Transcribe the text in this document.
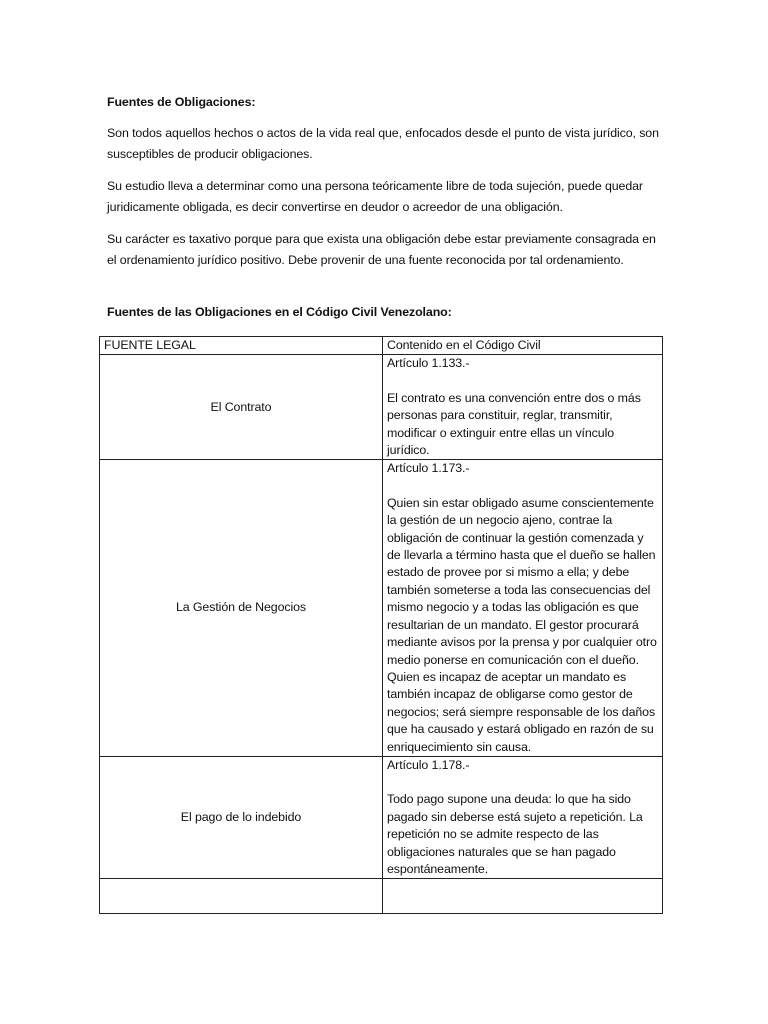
Fuentes de Obligaciones:
Son todos aquellos hechos o actos de la vida real que, enfocados desde el punto de vista jurídico, son susceptibles de producir obligaciones.
Su estudio lleva a determinar como una persona teóricamente libre de toda sujeción, puede quedar juridicamente obligada, es decir convertirse en deudor o acreedor de una obligación.
Su carácter es taxativo porque para que exista una obligación debe estar previamente consagrada en el ordenamiento jurídico positivo. Debe provenir de una fuente reconocida por tal ordenamiento.
Fuentes de las Obligaciones en el Código Civil Venezolano:
FUENTE LEGAL	Contenido en el Código Civil
El Contrato	Artículo 1.133.-
El contrato es una convención entre dos o más personas para constituir, reglar, transmitir, modificar o extinguir entre ellas un vínculo jurídico.

La Gestión de Negocios	Artículo 1.173.-
Quien sin estar obligado asume conscientemente la gestión de un negocio ajeno, contrae la obligación de continuar la gestión comenzada y de llevarla a término hasta que el dueño se hallen estado de provee por si mismo a ella; y debe también someterse a toda las consecuencias del mismo negocio y a todas las obligación es que resultarian de un mandato. El gestor procurará mediante avisos por la prensa y por cualquier otro medio ponerse en comunicación con el dueño. Quien es incapaz de aceptar un mandato es también incapaz de obligarse como gestor de negocios; será siempre responsable de los daños que ha causado y estará obligado en razón de su enriquecimiento sin causa.

El pago de lo indebido	Artículo 1.178.-
Todo pago supone una deuda: lo que ha sido pagado sin deberse está sujeto a repetición. La repetición no se admite respecto de las obligaciones naturales que se han pagado espontáneamente.
